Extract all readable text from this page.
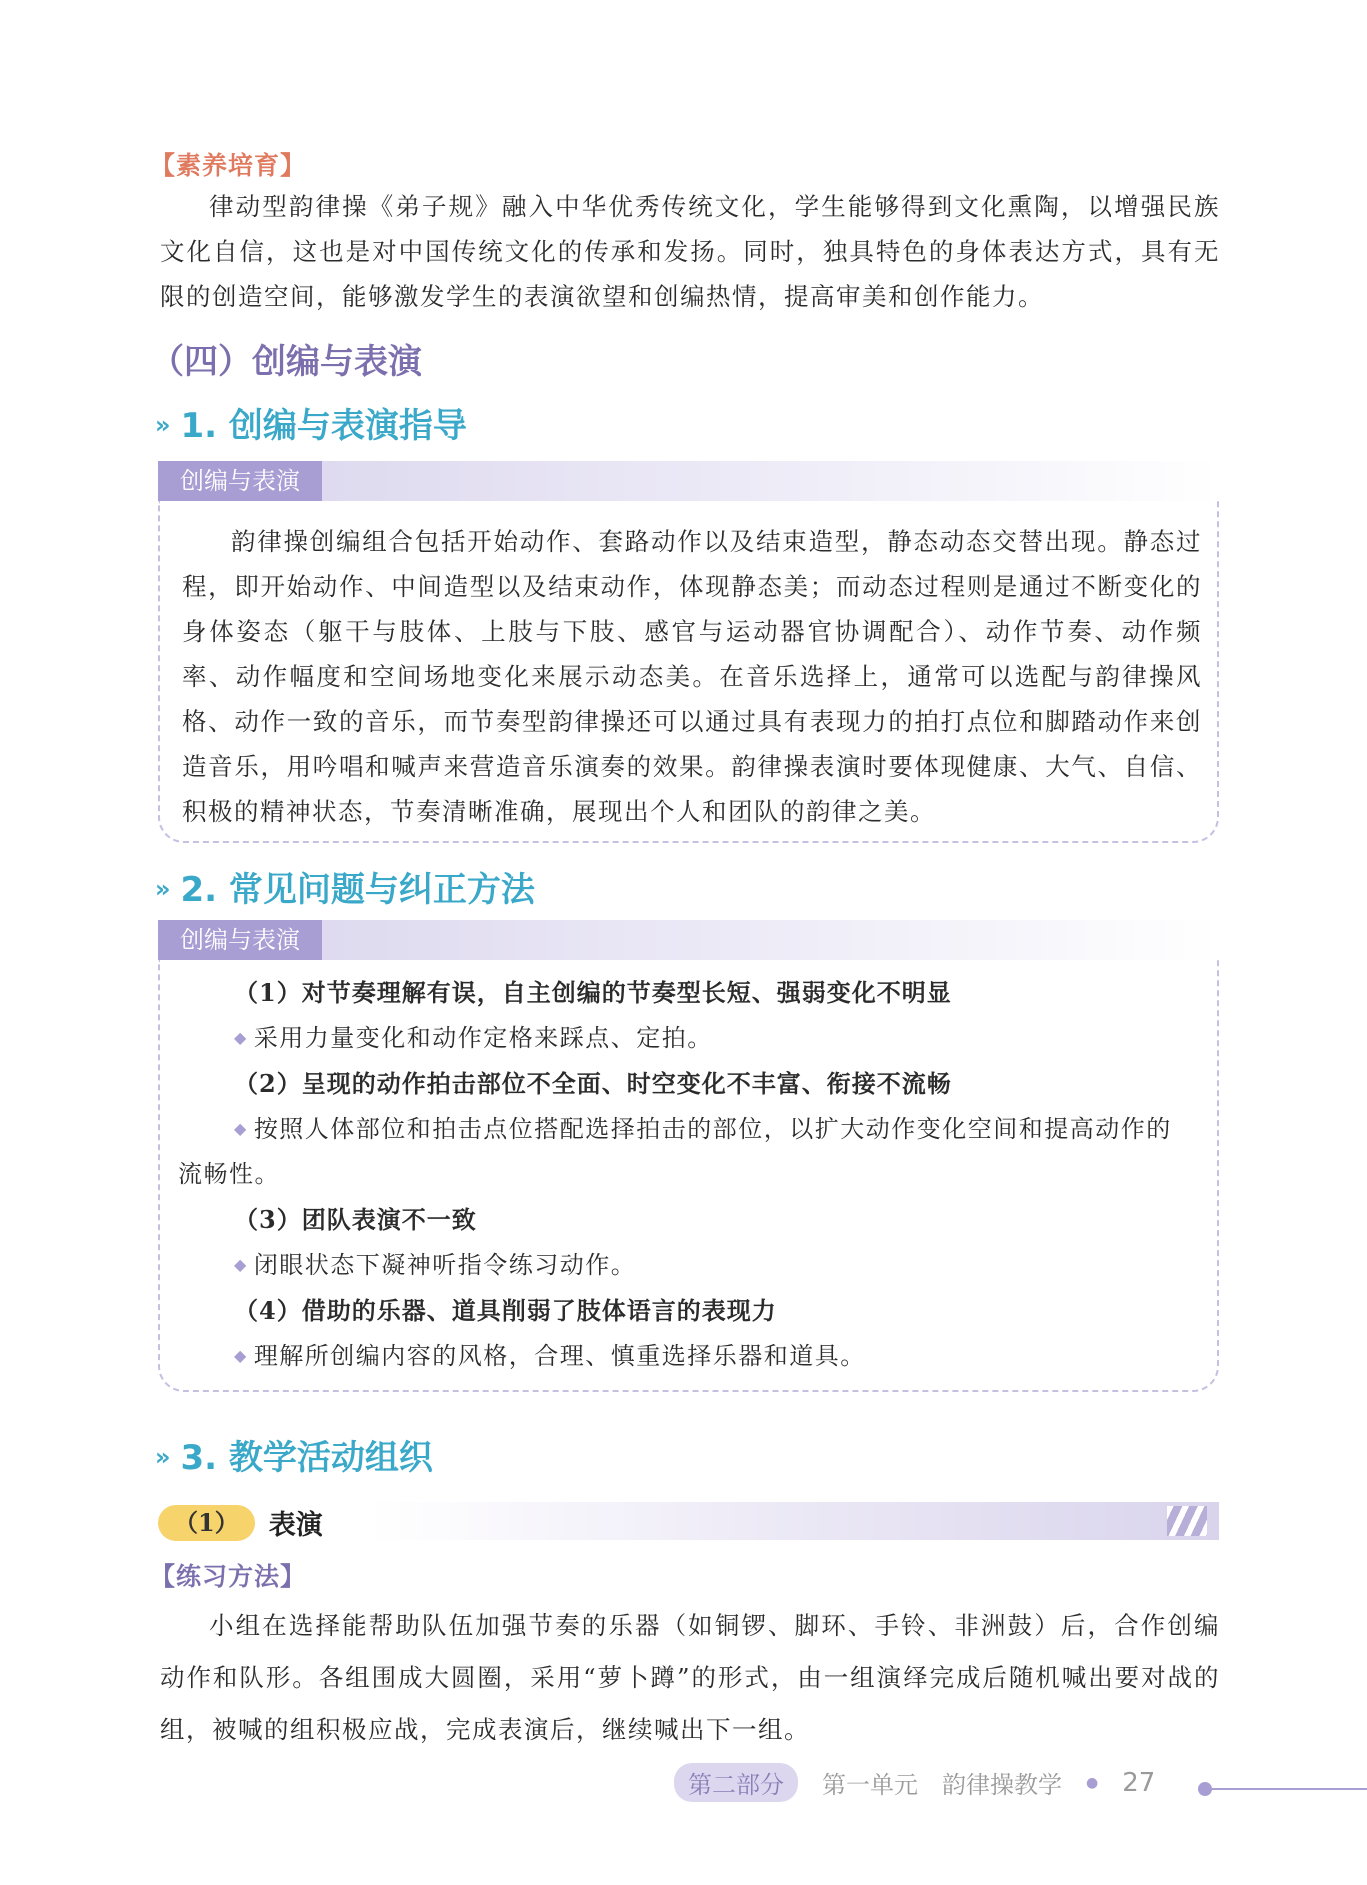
【素养培育】
律动型韵律操《弟子规》融入中华优秀传统文化，学生能够得到文化熏陶，以增强民族文化自信，这也是对中国传统文化的传承和发扬。同时，独具特色的身体表达方式，具有无限的创造空间，能够激发学生的表演欲望和创编热情，提高审美和创作能力。
（四）创编与表演
» 1. 创编与表演指导
创编与表演
韵律操创编组合包括开始动作、套路动作以及结束造型，静态动态交替出现。静态过程，即开始动作、中间造型以及结束动作，体现静态美；而动态过程则是通过不断变化的身体姿态（躯干与肢体、上肢与下肢、感官与运动器官协调配合）、动作节奏、动作频率、动作幅度和空间场地变化来展示动态美。在音乐选择上，通常可以选配与韵律操风格、动作一致的音乐，而节奏型韵律操还可以通过具有表现力的拍打点位和脚踏动作来创造音乐，用吟唱和喊声来营造音乐演奏的效果。韵律操表演时要体现健康、大气、自信、积极的精神状态，节奏清晰准确，展现出个人和团队的韵律之美。
» 2. 常见问题与纠正方法
创编与表演
（1）对节奏理解有误，自主创编的节奏型长短、强弱变化不明显
◆ 采用力量变化和动作定格来踩点、定拍。
（2）呈现的动作拍击部位不全面、时空变化不丰富、衔接不流畅
◆ 按照人体部位和拍击点位搭配选择拍击的部位，以扩大动作变化空间和提高动作的
流畅性。
（3）团队表演不一致
◆ 闭眼状态下凝神听指令练习动作。
（4）借助的乐器、道具削弱了肢体语言的表现力
◆ 理解所创编内容的风格，合理、慎重选择乐器和道具。
» 3. 教学活动组织
（1）	表演
【练习方法】
小组在选择能帮助队伍加强节奏的乐器（如铜锣、脚环、手铃、非洲鼓）后，合作创编动作和队形。各组围成大圆圈，采用“萝卜蹲”的形式，由一组演绎完成后随机喊出要对战的组，被喊的组积极应战，完成表演后，继续喊出下一组。
第二部分	第一单元 韵律操教学 ● 27
